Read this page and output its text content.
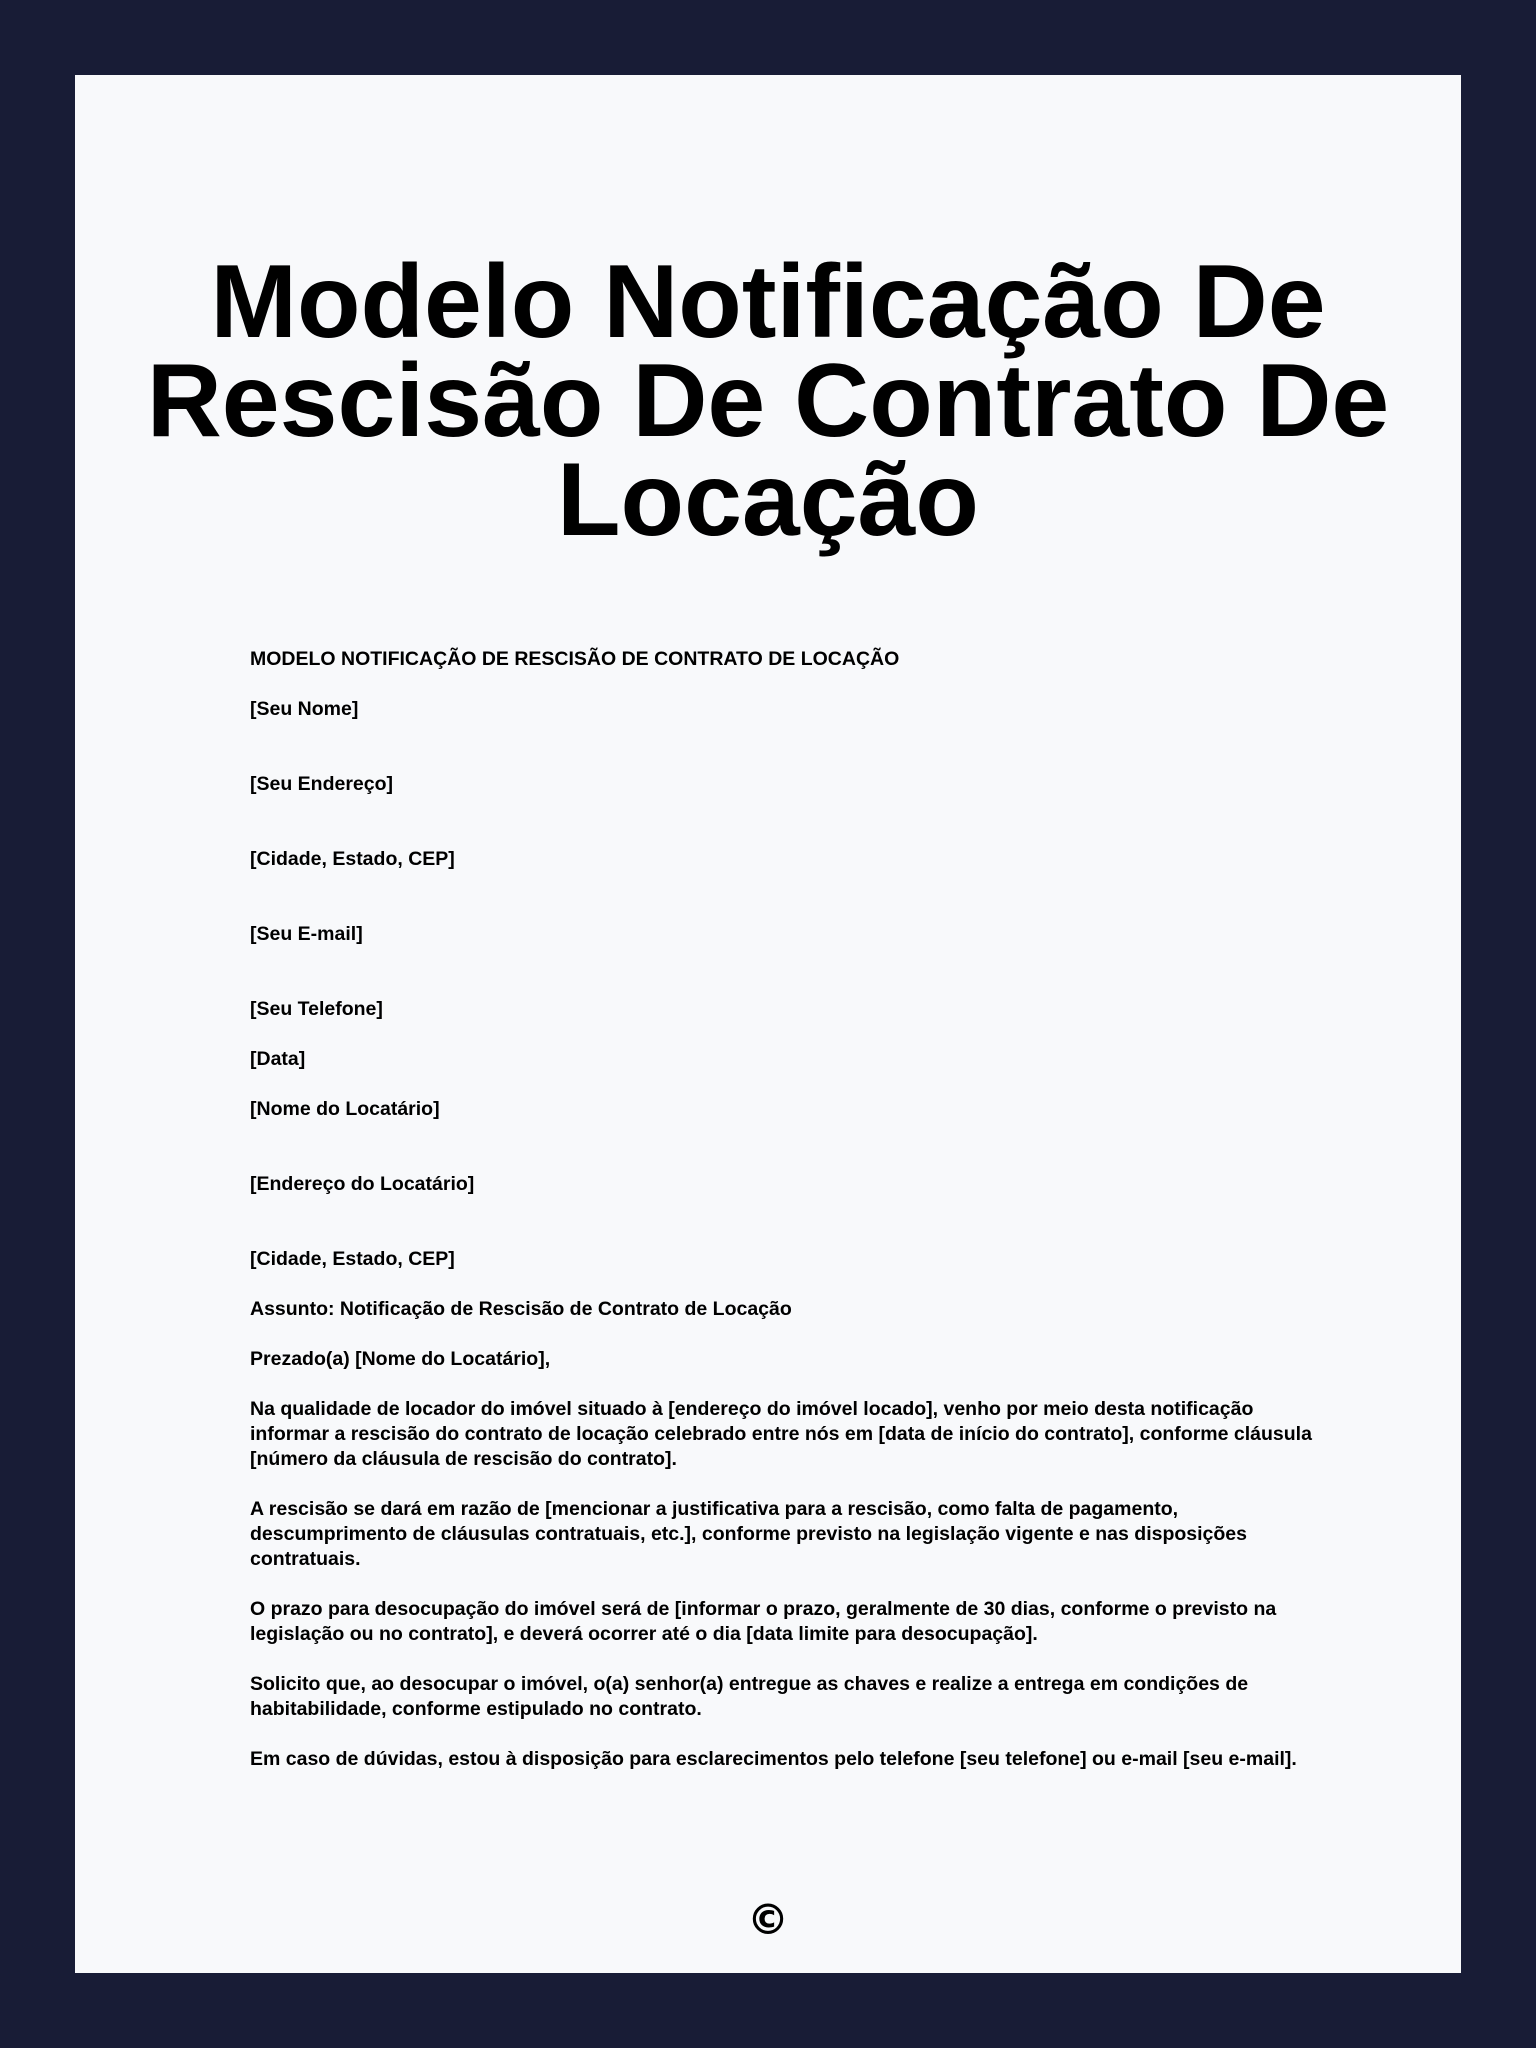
Modelo Notificação De Rescisão De Contrato De Locação

MODELO NOTIFICAÇÃO DE RESCISÃO DE CONTRATO DE LOCAÇÃO

[Seu Nome]

[Seu Endereço]

[Cidade, Estado, CEP]

[Seu E-mail]

[Seu Telefone]

[Data]

[Nome do Locatário]

[Endereço do Locatário]

[Cidade, Estado, CEP]

Assunto: Notificação de Rescisão de Contrato de Locação

Prezado(a) [Nome do Locatário],

Na qualidade de locador do imóvel situado à [endereço do imóvel locado], venho por meio desta notificação informar a rescisão do contrato de locação celebrado entre nós em [data de início do contrato], conforme cláusula [número da cláusula de rescisão do contrato].

A rescisão se dará em razão de [mencionar a justificativa para a rescisão, como falta de pagamento, descumprimento de cláusulas contratuais, etc.], conforme previsto na legislação vigente e nas disposições contratuais.

O prazo para desocupação do imóvel será de [informar o prazo, geralmente de 30 dias, conforme o previsto na legislação ou no contrato], e deverá ocorrer até o dia [data limite para desocupação].

Solicito que, ao desocupar o imóvel, o(a) senhor(a) entregue as chaves e realize a entrega em condições de habitabilidade, conforme estipulado no contrato.

Em caso de dúvidas, estou à disposição para esclarecimentos pelo telefone [seu telefone] ou e-mail [seu e-mail].

©
